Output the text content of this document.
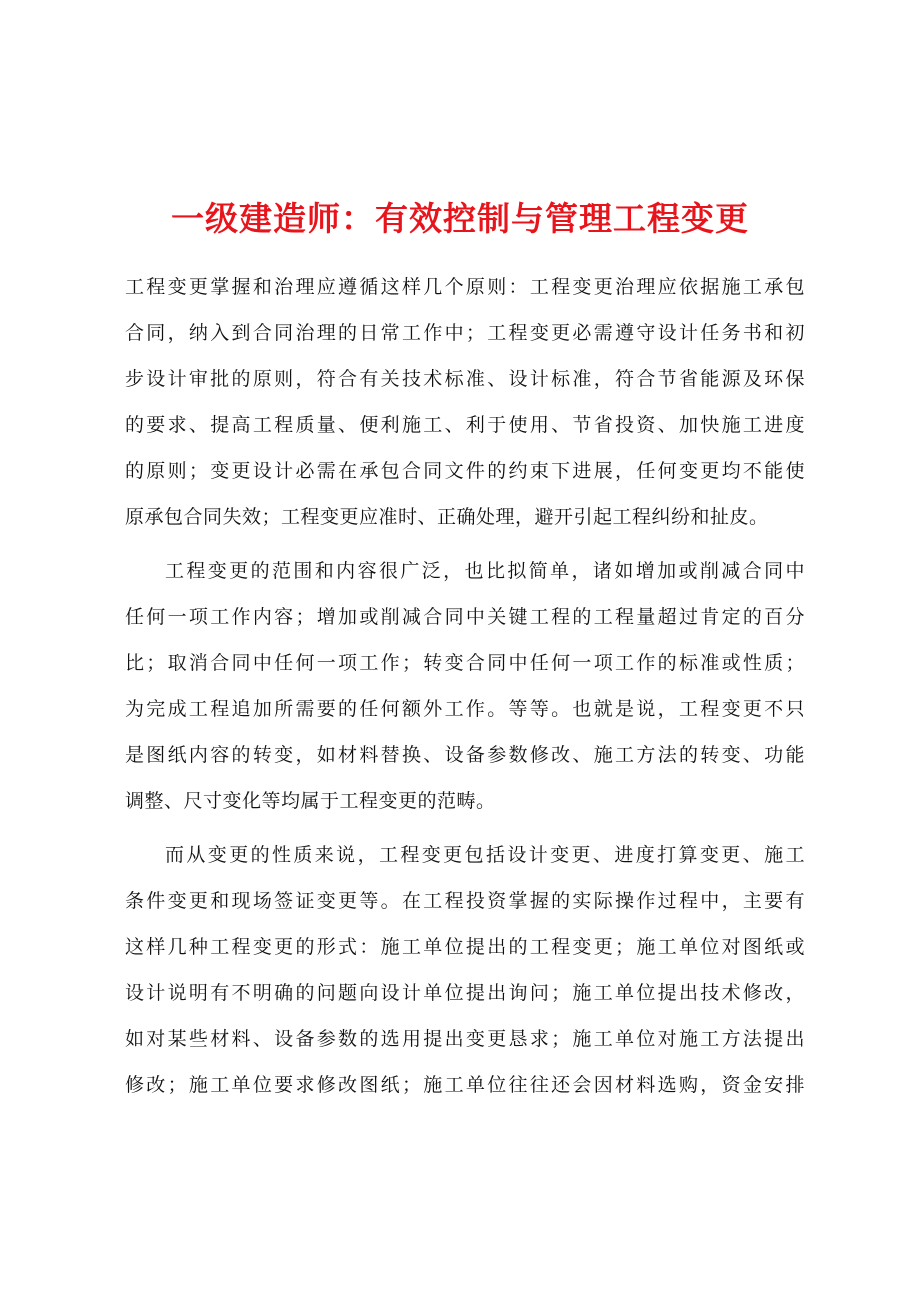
一级建造师：有效控制与管理工程变更

工程变更掌握和治理应遵循这样几个原则：工程变更治理应依据施工承包
合同，纳入到合同治理的日常工作中；工程变更必需遵守设计任务书和初
步设计审批的原则，符合有关技术标准、设计标准，符合节省能源及环保
的要求、提高工程质量、便利施工、利于使用、节省投资、加快施工进度
的原则；变更设计必需在承包合同文件的约束下进展，任何变更均不能使
原承包合同失效；工程变更应准时、正确处理，避开引起工程纠纷和扯皮。

工程变更的范围和内容很广泛，也比拟简单，诸如增加或削减合同中
任何一项工作内容；增加或削减合同中关键工程的工程量超过肯定的百分
比；取消合同中任何一项工作；转变合同中任何一项工作的标准或性质；
为完成工程追加所需要的任何额外工作。等等。也就是说，工程变更不只
是图纸内容的转变，如材料替换、设备参数修改、施工方法的转变、功能
调整、尺寸变化等均属于工程变更的范畴。

而从变更的性质来说，工程变更包括设计变更、进度打算变更、施工
条件变更和现场签证变更等。在工程投资掌握的实际操作过程中，主要有
这样几种工程变更的形式：施工单位提出的工程变更；施工单位对图纸或
设计说明有不明确的问题向设计单位提出询问；施工单位提出技术修改，
如对某些材料、设备参数的选用提出变更恳求；施工单位对施工方法提出
修改；施工单位要求修改图纸；施工单位往往还会因材料选购，资金安排
